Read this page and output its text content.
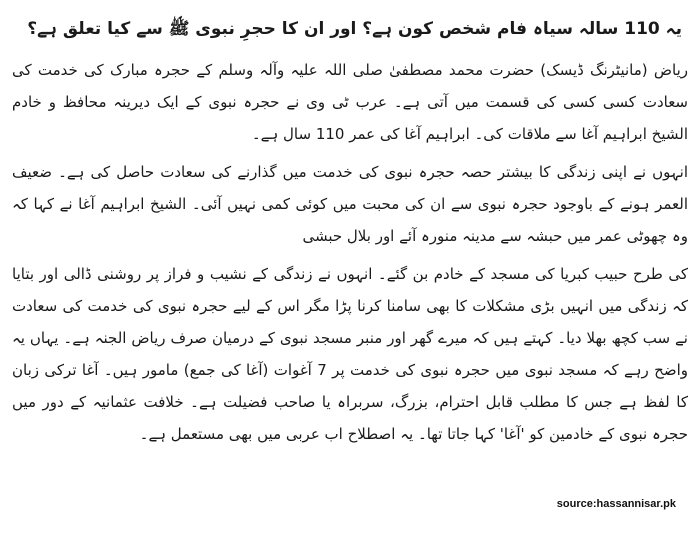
یہ 110 سالہ سیاہ فام شخص کون ہے؟ اور ان کا حجرِ نبوی ﷺ سے کیا تعلق ہے؟

ریاض (مانیٹرنگ ڈیسک) حضرت محمد مصطفیٰ صلی اللہ علیہ وآلہ وسلم کے حجرہ مبارک کی خدمت کی سعادت کسی کسی کی قسمت میں آتی ہے۔ عرب ٹی وی نے حجرہ نبوی کے ایک دیرینہ محافظ و خادم الشیخ ابراہیم آغا سے ملاقات کی۔ ابراہیم آغا کی عمر 110 سال ہے۔

انہوں نے اپنی زندگی کا بیشتر حصہ حجرہ نبوی کی خدمت میں گذارنے کی سعادت حاصل کی ہے۔ ضعیف العمر ہونے کے باوجود حجرہ نبوی سے ان کی محبت میں کوئی کمی نہیں آئی۔ الشیخ ابراہیم آغا نے کہا کہ وہ چھوٹی عمر میں حبشہ سے مدینہ منورہ آئے اور بلال حبشی

کی طرح حبیب کبریا کی مسجد کے خادم بن گئے۔ انہوں نے زندگی کے نشیب و فراز پر روشنی ڈالی اور بتایا کہ زندگی میں انہیں بڑی مشکلات کا بھی سامنا کرنا پڑا مگر اس کے لیے حجرہ نبوی کی خدمت کی سعادت نے سب کچھ بھلا دیا۔ کہتے ہیں کہ میرے گھر اور منبر مسجد نبوی کے درمیان صرف ریاض الجنہ ہے۔ یہاں یہ واضح رہے کہ مسجد نبوی میں حجرہ نبوی کی خدمت پر 7 آغوات (آغا کی جمع) مامور ہیں۔ آغا ترکی زبان کا لفظ ہے جس کا مطلب قابل احترام، بزرگ، سربراہ یا صاحب فضیلت ہے۔ خلافت عثمانیہ کے دور میں حجرہ نبوی کے خادمین کو 'آغا' کہا جاتا تھا۔ یہ اصطلاح اب عربی میں بھی مستعمل ہے۔

source:hassannisar.pk
